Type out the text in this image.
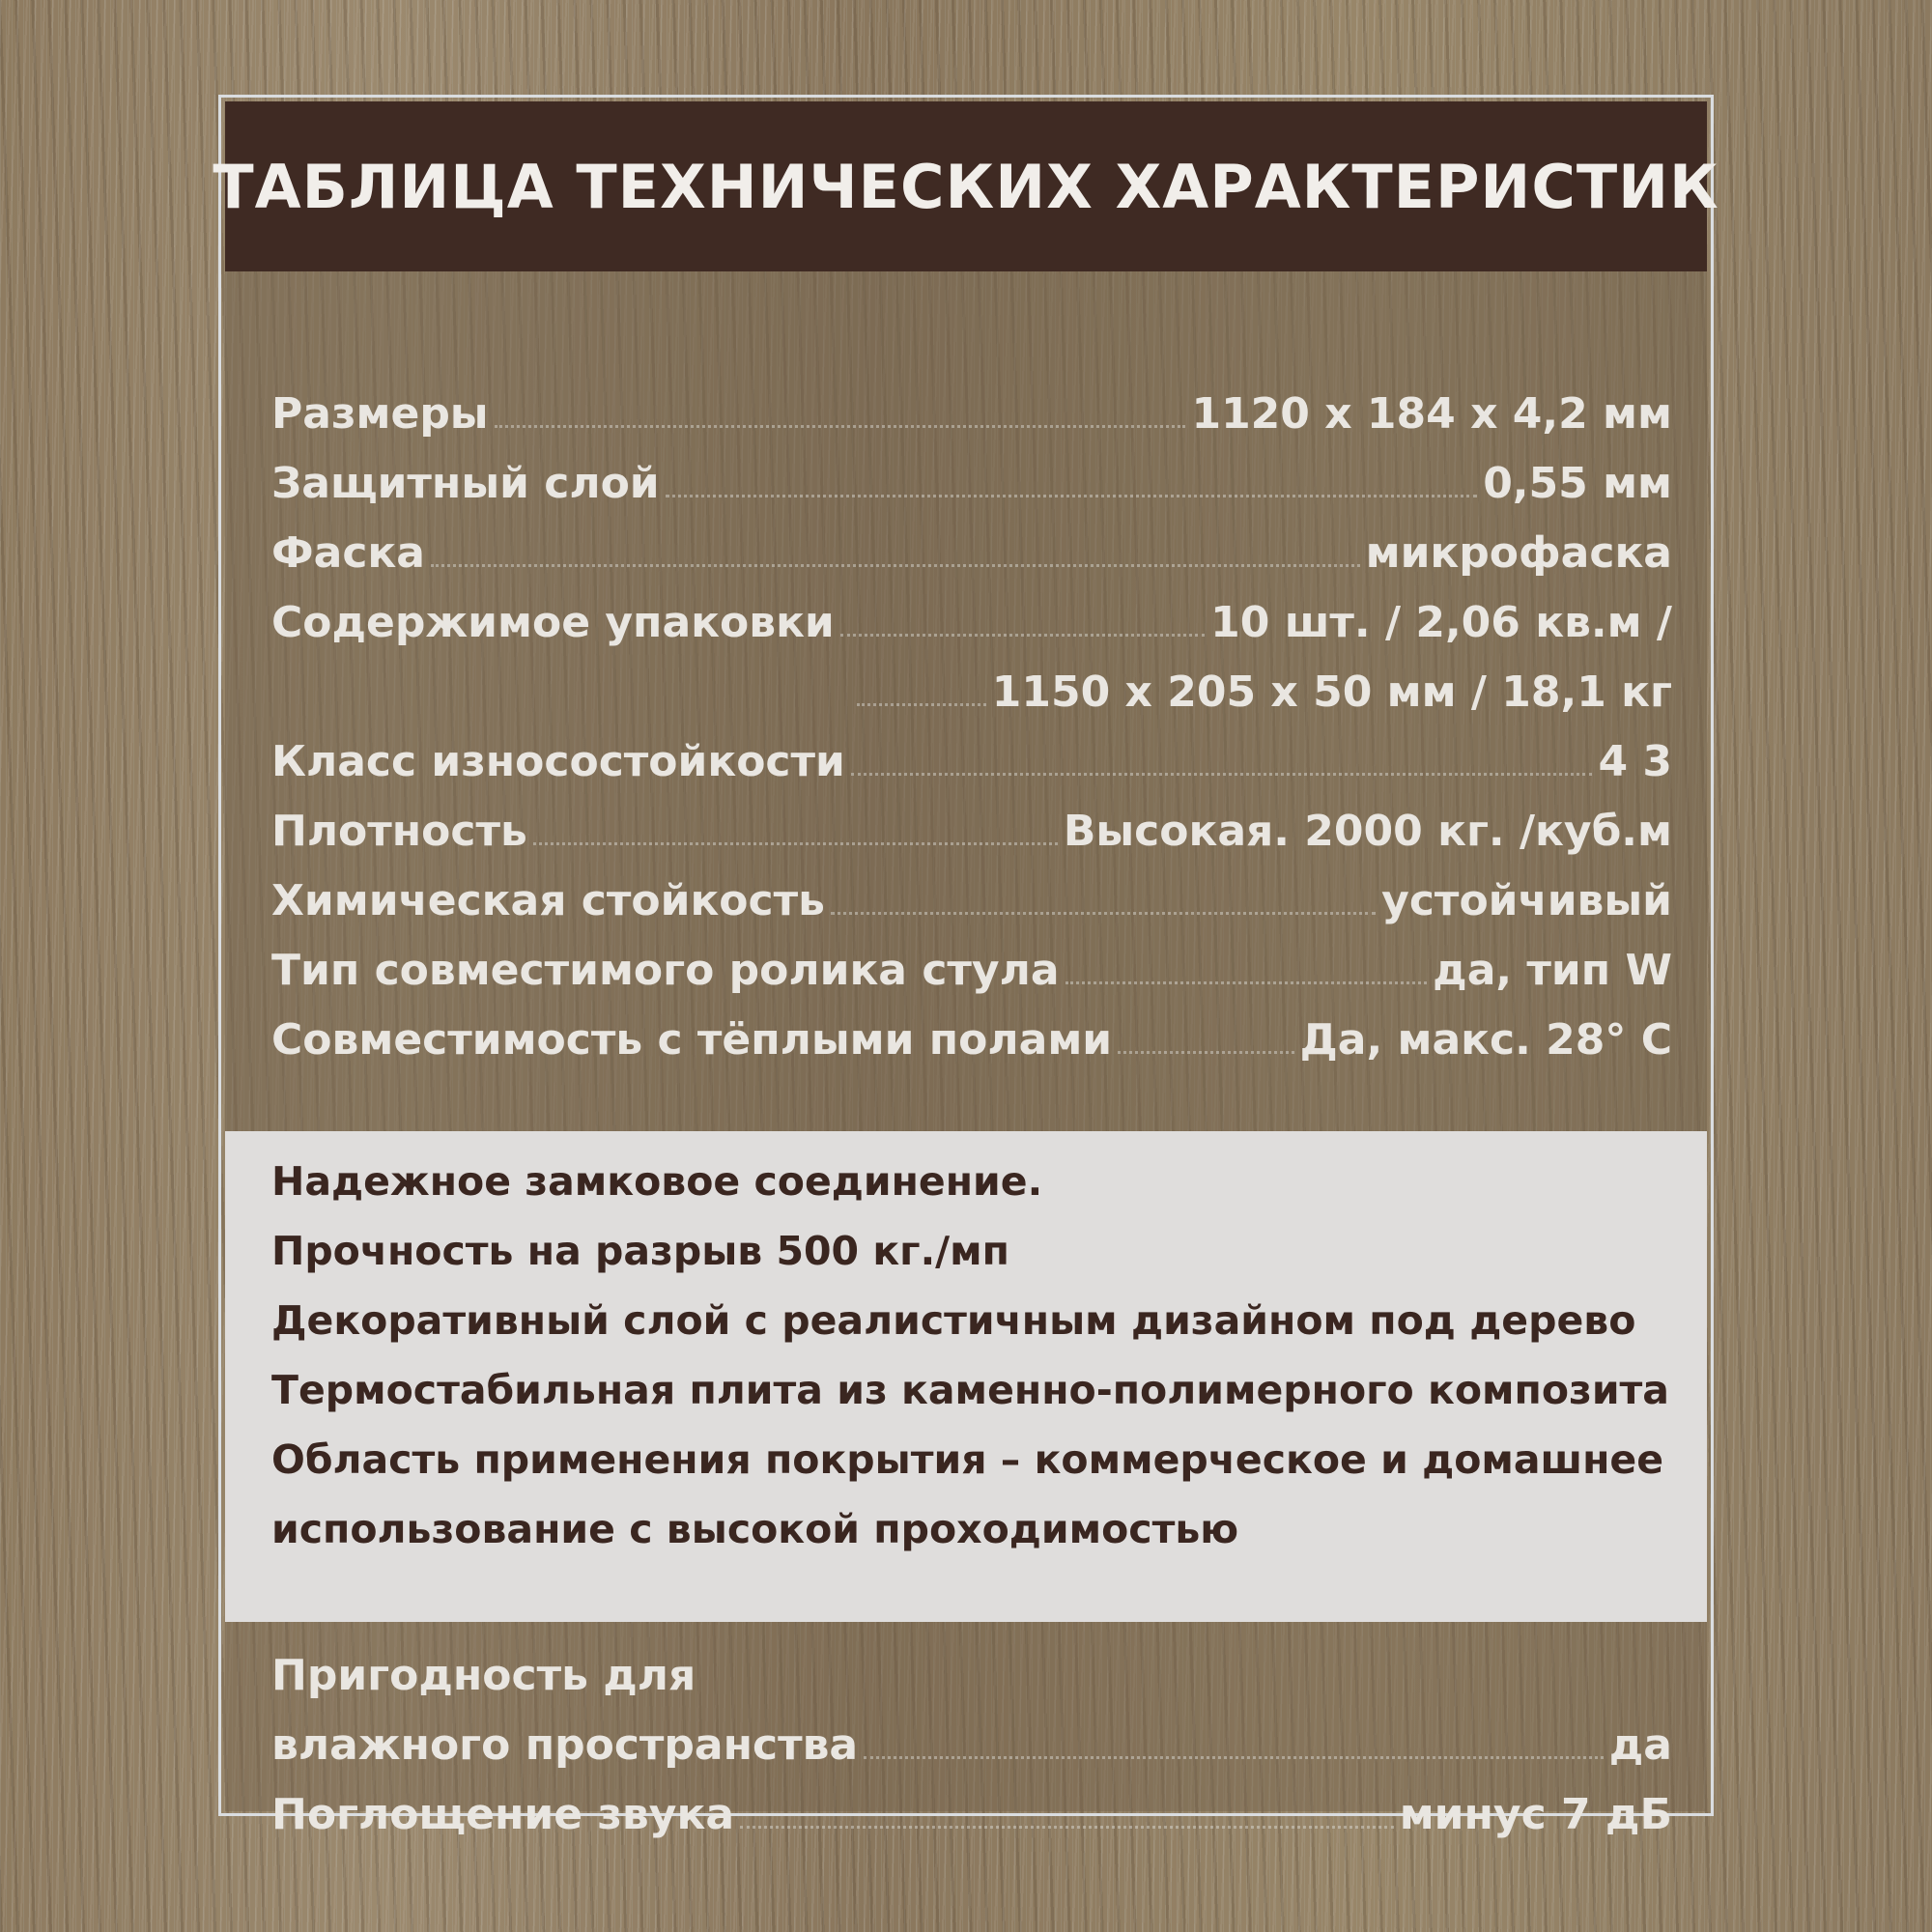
ТАБЛИЦА ТЕХНИЧЕСКИХ ХАРАКТЕРИСТИК
Размеры	1120 х 184 х 4,2 мм
Защитный слой	0,55 мм
Фаска	микрофаска
Содержимое упаковки	10 шт. / 2,06 кв.м /
1150 х 205 х 50 мм / 18,1 кг
Класс износостойкости	4 3
Плотность	Высокая. 2000 кг. /куб.м
Химическая стойкость	устойчивый
Тип совместимого ролика стула	да, тип W
Совместимость с тёплыми полами	Да, макс. 28° С
Надежное замковое соединение.
Прочность на разрыв 500 кг./мп
Декоративный слой с реалистичным дизайном под дерево
Термостабильная плита из каменно-полимерного композита
Область применения покрытия – коммерческое и домашнее
использование с высокой проходимостью
Пригодность для
влажного пространства	да
Поглощение звука	минус 7 дБ
